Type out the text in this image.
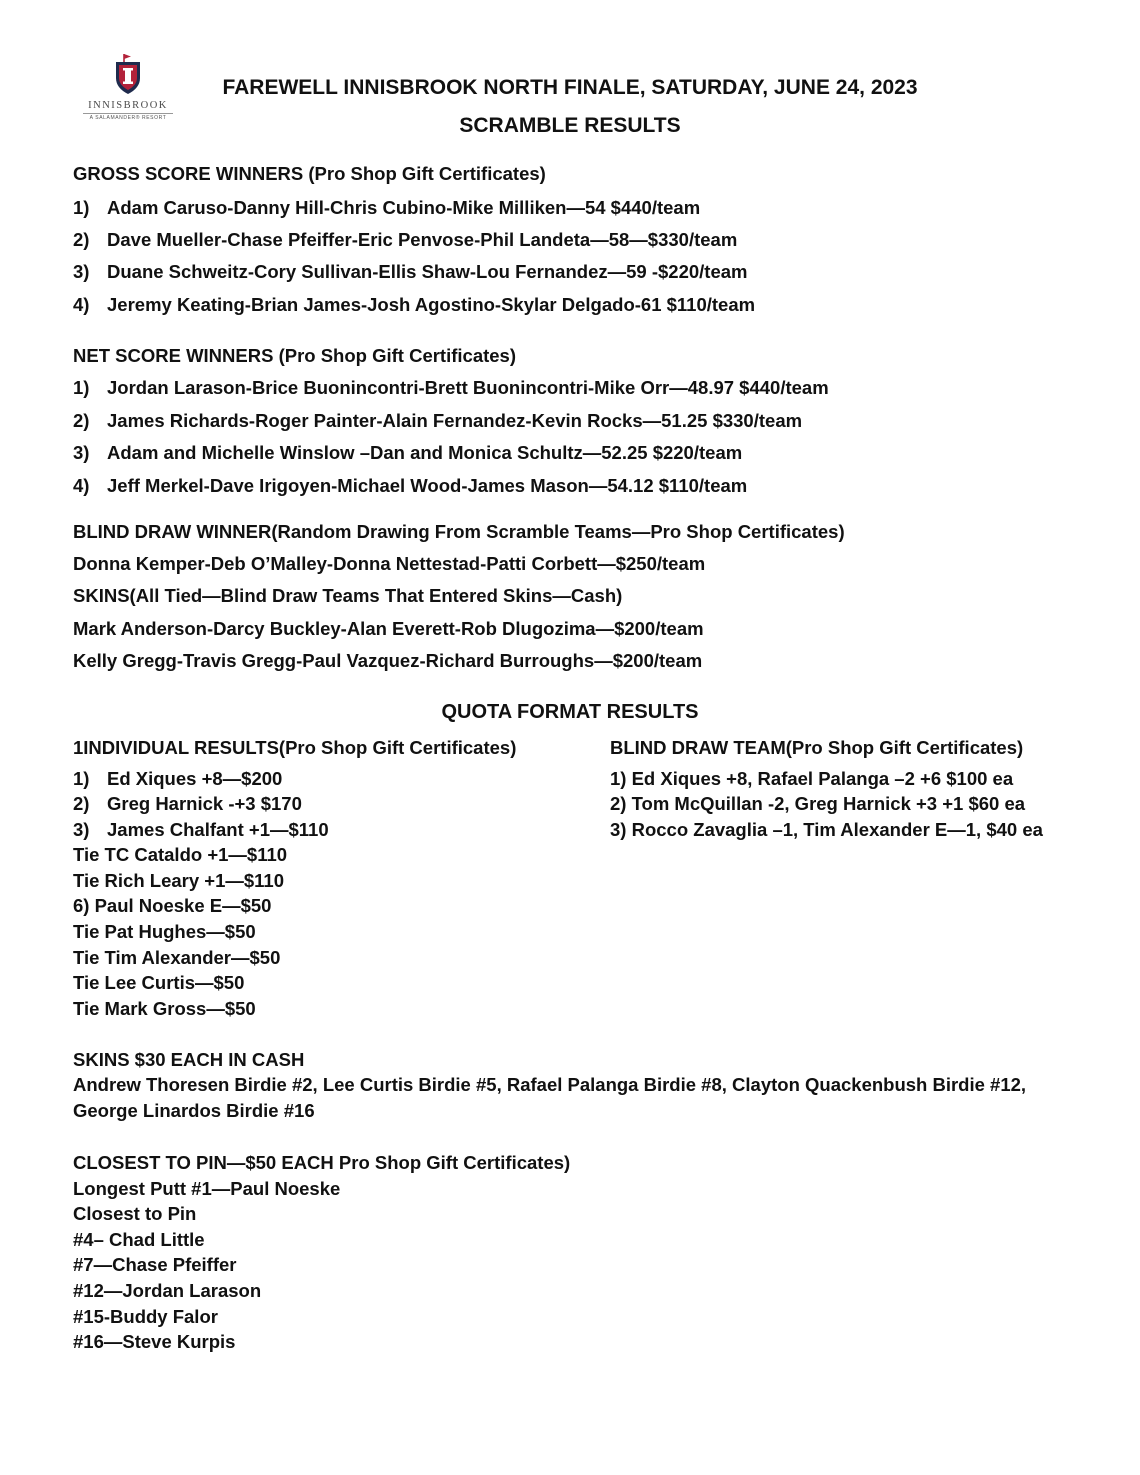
INNISBROOK
A SALAMANDER® RESORT
FAREWELL INNISBROOK NORTH FINALE, SATURDAY, JUNE 24, 2023
SCRAMBLE RESULTS
GROSS SCORE WINNERS (Pro Shop Gift Certificates)
1) Adam Caruso-Danny Hill-Chris Cubino-Mike Milliken—54 $440/team
2) Dave Mueller-Chase Pfeiffer-Eric Penvose-Phil Landeta—58—$330/team
3) Duane Schweitz-Cory Sullivan-Ellis Shaw-Lou Fernandez—59 -$220/team
4) Jeremy Keating-Brian James-Josh Agostino-Skylar Delgado-61 $110/team
NET SCORE WINNERS (Pro Shop Gift Certificates)
1) Jordan Larason-Brice Buonincontri-Brett Buonincontri-Mike Orr—48.97 $440/team
2) James Richards-Roger Painter-Alain Fernandez-Kevin Rocks—51.25 $330/team
3) Adam and Michelle Winslow –Dan and Monica Schultz—52.25 $220/team
4) Jeff Merkel-Dave Irigoyen-Michael Wood-James Mason—54.12 $110/team
BLIND DRAW WINNER(Random Drawing From Scramble Teams—Pro Shop Certificates)
Donna Kemper-Deb O’Malley-Donna Nettestad-Patti Corbett—$250/team
SKINS(All Tied—Blind Draw Teams That Entered Skins—Cash)
Mark Anderson-Darcy Buckley-Alan Everett-Rob Dlugozima—$200/team
Kelly Gregg-Travis Gregg-Paul Vazquez-Richard Burroughs—$200/team
QUOTA FORMAT RESULTS
1INDIVIDUAL RESULTS(Pro Shop Gift Certificates)
1) Ed Xiques +8—$200
2) Greg Harnick -+3 $170
3) James Chalfant +1—$110
Tie TC Cataldo +1—$110
Tie Rich Leary +1—$110
6) Paul Noeske E—$50
Tie Pat Hughes—$50
Tie Tim Alexander—$50
Tie Lee Curtis—$50
Tie Mark Gross—$50
BLIND DRAW TEAM(Pro Shop Gift Certificates)
1) Ed Xiques +8, Rafael Palanga –2 +6 $100 ea
2) Tom McQuillan -2, Greg Harnick +3 +1 $60 ea
3) Rocco Zavaglia –1, Tim Alexander E—1, $40 ea
SKINS $30 EACH IN CASH
Andrew Thoresen Birdie #2, Lee Curtis Birdie #5, Rafael Palanga Birdie #8, Clayton Quackenbush Birdie #12, George Linardos Birdie #16
CLOSEST TO PIN—$50 EACH Pro Shop Gift Certificates)
Longest Putt #1—Paul Noeske
Closest to Pin
#4– Chad Little
#7—Chase Pfeiffer
#12—Jordan Larason
#15-Buddy Falor
#16—Steve Kurpis
